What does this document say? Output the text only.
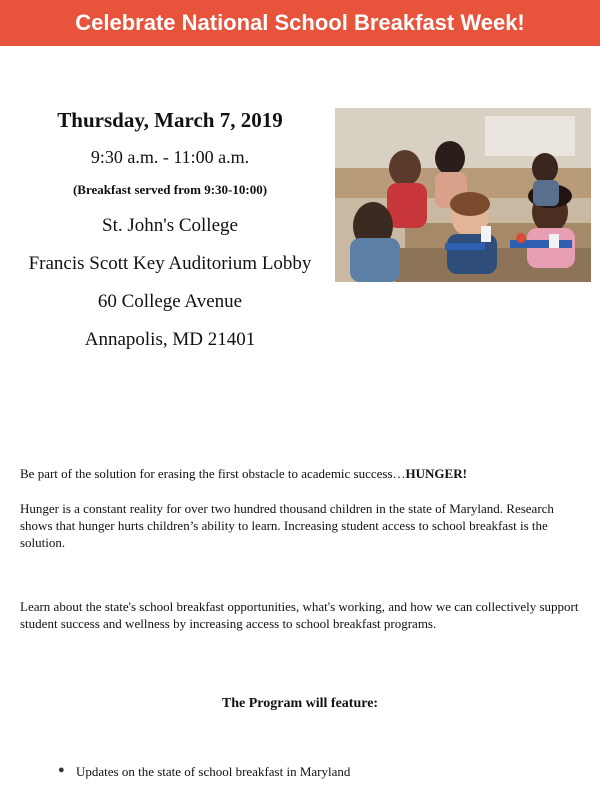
Celebrate National School Breakfast Week!

Thursday, March 7, 2019

9:30 a.m. - 11:00 a.m.

(Breakfast served from 9:30-10:00)

St. John's College

Francis Scott Key Auditorium Lobby

60 College Avenue

Annapolis, MD 21401

Be part of the solution for erasing the first obstacle to academic success…HUNGER!

Hunger is a constant reality for over two hundred thousand children in the state of Maryland. Research shows that hunger hurts children’s ability to learn. Increasing student access to school breakfast is the solution.

Learn about the state's school breakfast opportunities, what's working, and how we can collectively support student success and wellness by increasing access to school breakfast programs.

The Program will feature:

● Updates on the state of school breakfast in Maryland
